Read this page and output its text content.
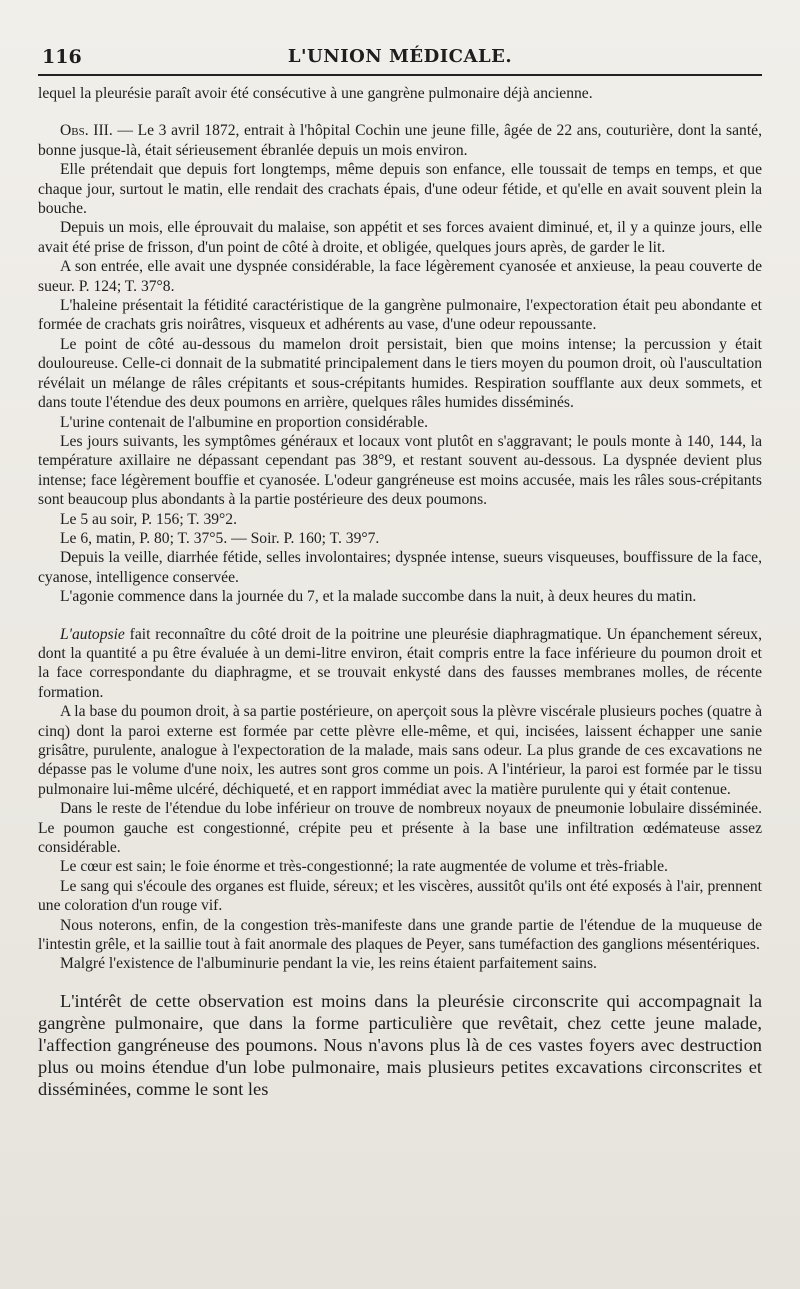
116	L'UNION MÉDICALE.

lequel la pleurésie paraît avoir été consécutive à une gangrène pulmonaire déjà ancienne.

Obs. III. — Le 3 avril 1872, entrait à l'hôpital Cochin une jeune fille, âgée de 22 ans, couturière, dont la santé, bonne jusque-là, était sérieusement ébranlée depuis un mois environ.

Elle prétendait que depuis fort longtemps, même depuis son enfance, elle toussait de temps en temps, et que chaque jour, surtout le matin, elle rendait des crachats épais, d'une odeur fétide, et qu'elle en avait souvent plein la bouche.

Depuis un mois, elle éprouvait du malaise, son appétit et ses forces avaient diminué, et, il y a quinze jours, elle avait été prise de frisson, d'un point de côté à droite, et obligée, quelques jours après, de garder le lit.

A son entrée, elle avait une dyspnée considérable, la face légèrement cyanosée et anxieuse, la peau couverte de sueur. P. 124; T. 37°8.

L'haleine présentait la fétidité caractéristique de la gangrène pulmonaire, l'expectoration était peu abondante et formée de crachats gris noirâtres, visqueux et adhérents au vase, d'une odeur repoussante.

Le point de côté au-dessous du mamelon droit persistait, bien que moins intense; la percussion y était douloureuse. Celle-ci donnait de la submatité principalement dans le tiers moyen du poumon droit, où l'auscultation révélait un mélange de râles crépitants et sous-crépitants humides. Respiration soufflante aux deux sommets, et dans toute l'étendue des deux poumons en arrière, quelques râles humides disséminés.

L'urine contenait de l'albumine en proportion considérable.

Les jours suivants, les symptômes généraux et locaux vont plutôt en s'aggravant; le pouls monte à 140, 144, la température axillaire ne dépassant cependant pas 38°9, et restant souvent au-dessous. La dyspnée devient plus intense; face légèrement bouffie et cyanosée. L'odeur gangréneuse est moins accusée, mais les râles sous-crépitants sont beaucoup plus abondants à la partie postérieure des deux poumons.

Le 5 au soir, P. 156; T. 39°2.

Le 6, matin, P. 80; T. 37°5. — Soir. P. 160; T. 39°7.

Depuis la veille, diarrhée fétide, selles involontaires; dyspnée intense, sueurs visqueuses, bouffissure de la face, cyanose, intelligence conservée.

L'agonie commence dans la journée du 7, et la malade succombe dans la nuit, à deux heures du matin.

L'autopsie fait reconnaître du côté droit de la poitrine une pleurésie diaphragmatique. Un épanchement séreux, dont la quantité a pu être évaluée à un demi-litre environ, était compris entre la face inférieure du poumon droit et la face correspondante du diaphragme, et se trouvait enkysté dans des fausses membranes molles, de récente formation.

A la base du poumon droit, à sa partie postérieure, on aperçoit sous la plèvre viscérale plusieurs poches (quatre à cinq) dont la paroi externe est formée par cette plèvre elle-même, et qui, incisées, laissent échapper une sanie grisâtre, purulente, analogue à l'expectoration de la malade, mais sans odeur. La plus grande de ces excavations ne dépasse pas le volume d'une noix, les autres sont gros comme un pois. A l'intérieur, la paroi est formée par le tissu pulmonaire lui-même ulcéré, déchiqueté, et en rapport immédiat avec la matière purulente qui y était contenue.

Dans le reste de l'étendue du lobe inférieur on trouve de nombreux noyaux de pneumonie lobulaire disséminée. Le poumon gauche est congestionné, crépite peu et présente à la base une infiltration œdémateuse assez considérable.

Le cœur est sain; le foie énorme et très-congestionné; la rate augmentée de volume et très-friable.

Le sang qui s'écoule des organes est fluide, séreux; et les viscères, aussitôt qu'ils ont été exposés à l'air, prennent une coloration d'un rouge vif.

Nous noterons, enfin, de la congestion très-manifeste dans une grande partie de l'étendue de la muqueuse de l'intestin grêle, et la saillie tout à fait anormale des plaques de Peyer, sans tuméfaction des ganglions mésentériques.

Malgré l'existence de l'albuminurie pendant la vie, les reins étaient parfaitement sains.

L'intérêt de cette observation est moins dans la pleurésie circonscrite qui accompagnait la gangrène pulmonaire, que dans la forme particulière que revêtait, chez cette jeune malade, l'affection gangréneuse des poumons. Nous n'avons plus là de ces vastes foyers avec destruction plus ou moins étendue d'un lobe pulmonaire, mais plusieurs petites excavations circonscrites et disséminées, comme le sont les
